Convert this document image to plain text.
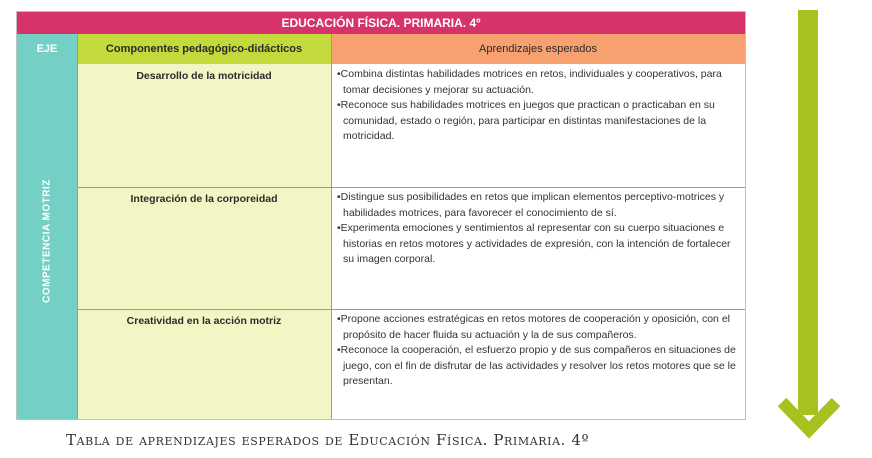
EDUCACIÓN FÍSICA. PRIMARIA. 4º
EJE	Componentes pedagógico-didácticos	Aprendizajes esperados
COMPETENCIA MOTRIZ
Desarrollo de la motricidad	•Combina distintas habilidades motrices en retos, individuales y cooperativos, para tomar decisiones y mejorar su actuación.

•Reconoce sus habilidades motrices en juegos que practican o practicaban en su comunidad, estado o región, para participar en distintas manifestaciones de la motricidad.

Integración de la corporeidad	•Distingue sus posibilidades en retos que implican elementos perceptivo-motrices y habilidades motrices, para favorecer el conocimiento de sí.

•Experimenta emociones y sentimientos al representar con su cuerpo situaciones e historias en retos motores y actividades de expresión, con la intención de fortalecer su imagen corporal.

Creatividad en la acción motriz	•Propone acciones estratégicas en retos motores de cooperación y oposición, con el propósito de hacer fluida su actuación y la de sus compañeros.

•Reconoce la cooperación, el esfuerzo propio y de sus compañeros en situaciones de juego, con el fin de disfrutar de las actividades y resolver los retos motores que se le presentan.

Tabla de aprendizajes esperados de Educación Física. Primaria. 4º
